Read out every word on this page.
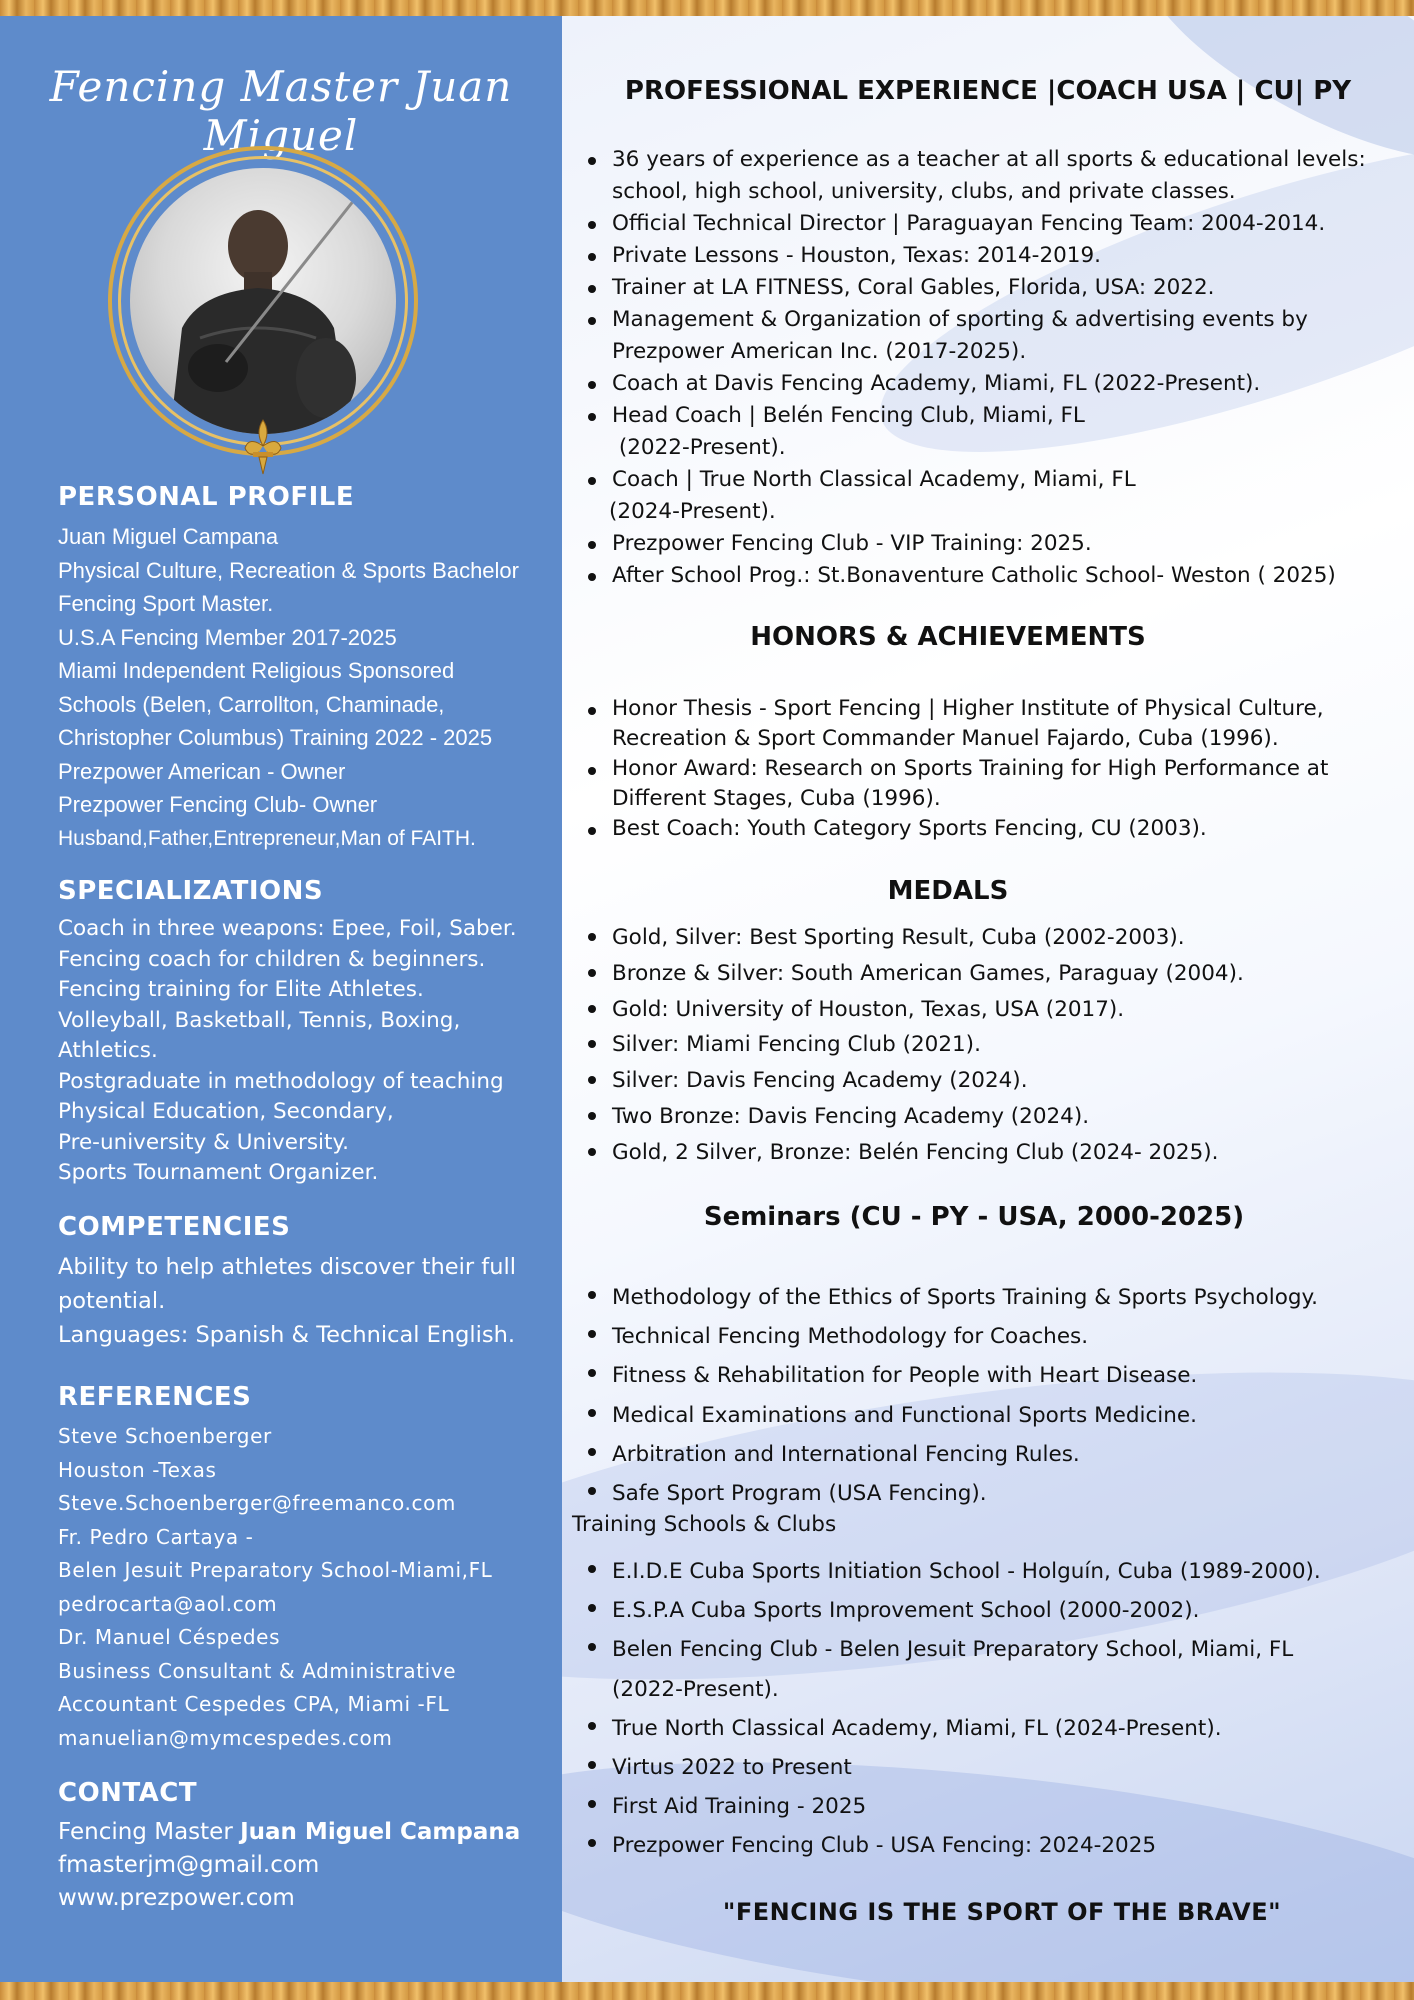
Fencing Master Juan Miguel
PERSONAL PROFILE
Juan Miguel Campana
Physical Culture, Recreation & Sports Bachelor
Fencing Sport Master.
U.S.A Fencing Member 2017-2025
Miami Independent Religious Sponsored
Schools (Belen, Carrollton, Chaminade,
Christopher Columbus) Training 2022 - 2025
Prezpower American - Owner
Prezpower Fencing Club- Owner
Husband,Father,Entrepreneur,Man of FAITH.
SPECIALIZATIONS
Coach in three weapons: Epee, Foil, Saber.
Fencing coach for children & beginners.
Fencing training for Elite Athletes.
Volleyball, Basketball, Tennis, Boxing,
Athletics.
Postgraduate in methodology of teaching
Physical Education, Secondary,
Pre-university & University.
Sports Tournament Organizer.
COMPETENCIES
Ability to help athletes discover their full
potential.
Languages: Spanish & Technical English.
REFERENCES
Steve Schoenberger
Houston -Texas
Steve.Schoenberger@freemanco.com
Fr. Pedro Cartaya -
Belen Jesuit Preparatory School-Miami,FL
pedrocarta@aol.com
Dr. Manuel Céspedes
Business Consultant & Administrative
Accountant Cespedes CPA, Miami -FL
manuelian@mymcespedes.com
CONTACT
Fencing Master Juan Miguel Campana
fmasterjm@gmail.com
www.prezpower.com
PROFESSIONAL EXPERIENCE |COACH USA | CU| PY
36 years of experience as a teacher at all sports & educational levels:
school, high school, university, clubs, and private classes.
Official Technical Director | Paraguayan Fencing Team: 2004-2014.
Private Lessons - Houston, Texas: 2014-2019.
Trainer at LA FITNESS, Coral Gables, Florida, USA: 2022.
Management & Organization of sporting & advertising events by
Prezpower American Inc. (2017-2025).
Coach at Davis Fencing Academy, Miami, FL (2022-Present).
Head Coach | Belén Fencing Club, Miami, FL
(2022-Present).
Coach | True North Classical Academy, Miami, FL
(2024-Present).
Prezpower Fencing Club - VIP Training: 2025.
After School Prog.: St.Bonaventure Catholic School- Weston ( 2025)
HONORS & ACHIEVEMENTS
Honor Thesis - Sport Fencing | Higher Institute of Physical Culture,
Recreation & Sport Commander Manuel Fajardo, Cuba (1996).
Honor Award: Research on Sports Training for High Performance at
Different Stages, Cuba (1996).
Best Coach: Youth Category Sports Fencing, CU (2003).
MEDALS
Gold, Silver: Best Sporting Result, Cuba (2002-2003).
Bronze & Silver: South American Games, Paraguay (2004).
Gold: University of Houston, Texas, USA (2017).
Silver: Miami Fencing Club (2021).
Silver: Davis Fencing Academy (2024).
Two Bronze: Davis Fencing Academy (2024).
Gold, 2 Silver, Bronze: Belén Fencing Club (2024- 2025).
Seminars (CU - PY - USA, 2000-2025)
Methodology of the Ethics of Sports Training & Sports Psychology.
Technical Fencing Methodology for Coaches.
Fitness & Rehabilitation for People with Heart Disease.
Medical Examinations and Functional Sports Medicine.
Arbitration and International Fencing Rules.
Safe Sport Program (USA Fencing).
Training Schools & Clubs
E.I.D.E Cuba Sports Initiation School - Holguín, Cuba (1989-2000).
E.S.P.A Cuba Sports Improvement School (2000-2002).
Belen Fencing Club - Belen Jesuit Preparatory School, Miami, FL
(2022-Present).
True North Classical Academy, Miami, FL (2024-Present).
Virtus 2022 to Present
First Aid Training - 2025
Prezpower Fencing Club - USA Fencing: 2024-2025
"FENCING IS THE SPORT OF THE BRAVE"
